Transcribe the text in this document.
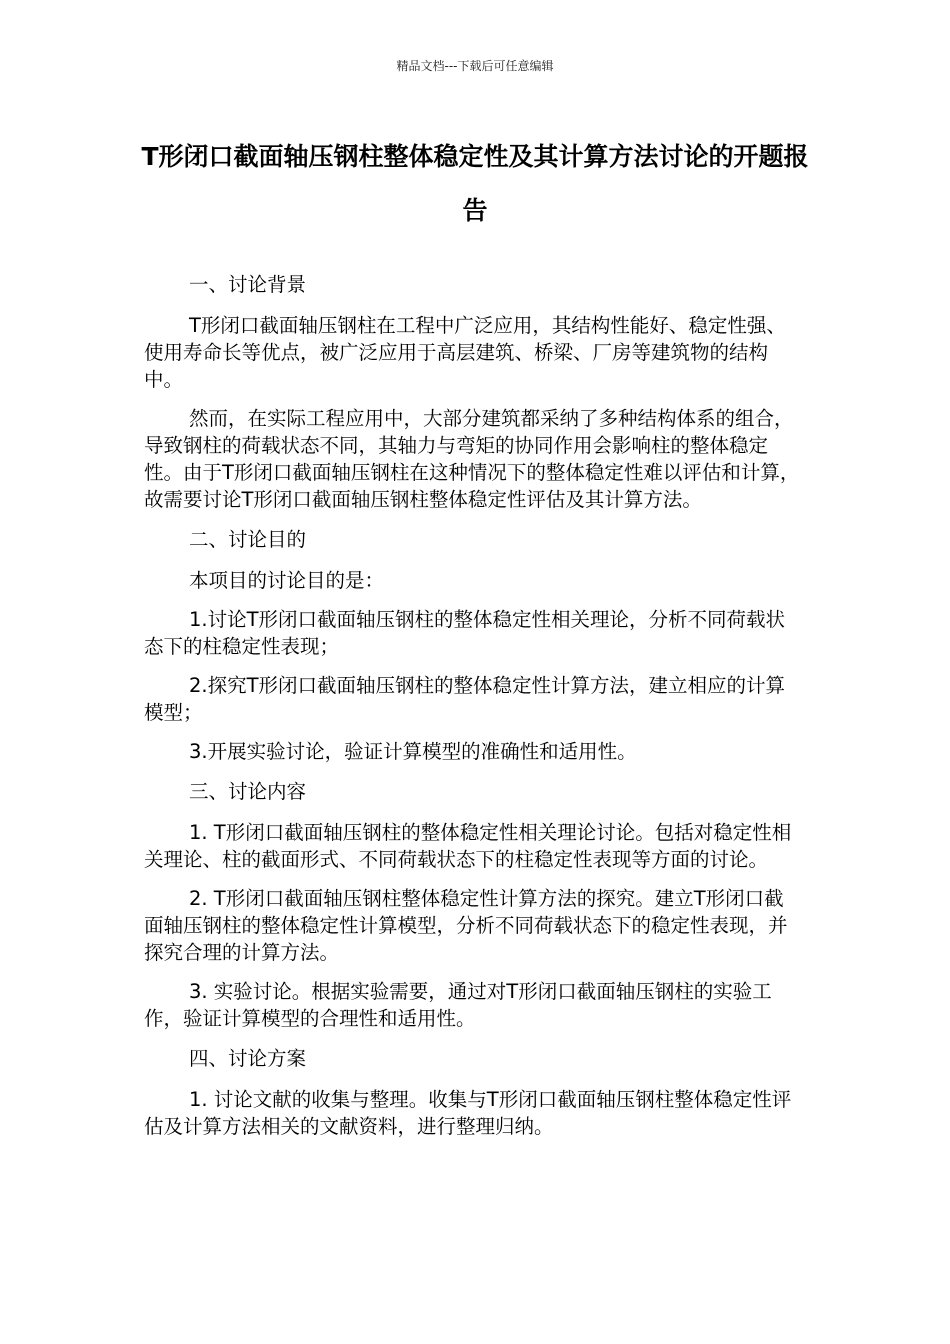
精品文档---下载后可任意编辑
T形闭口截面轴压钢柱整体稳定性及其计算方法讨论的开题报告

一、讨论背景

T形闭口截面轴压钢柱在工程中广泛应用，其结构性能好、稳定性强、使用寿命长等优点，被广泛应用于高层建筑、桥梁、厂房等建筑物的结构中。

然而，在实际工程应用中，大部分建筑都采纳了多种结构体系的组合，导致钢柱的荷载状态不同，其轴力与弯矩的协同作用会影响柱的整体稳定性。由于T形闭口截面轴压钢柱在这种情况下的整体稳定性难以评估和计算，故需要讨论T形闭口截面轴压钢柱整体稳定性评估及其计算方法。

二、讨论目的

本项目的讨论目的是：

1.讨论T形闭口截面轴压钢柱的整体稳定性相关理论，分析不同荷载状态下的柱稳定性表现；

2.探究T形闭口截面轴压钢柱的整体稳定性计算方法，建立相应的计算模型；

3.开展实验讨论，验证计算模型的准确性和适用性。

三、讨论内容

1. T形闭口截面轴压钢柱的整体稳定性相关理论讨论。包括对稳定性相关理论、柱的截面形式、不同荷载状态下的柱稳定性表现等方面的讨论。

2. T形闭口截面轴压钢柱整体稳定性计算方法的探究。建立T形闭口截面轴压钢柱的整体稳定性计算模型，分析不同荷载状态下的稳定性表现，并探究合理的计算方法。

3. 实验讨论。根据实验需要，通过对T形闭口截面轴压钢柱的实验工作，验证计算模型的合理性和适用性。

四、讨论方案

1. 讨论文献的收集与整理。收集与T形闭口截面轴压钢柱整体稳定性评估及计算方法相关的文献资料，进行整理归纳。
